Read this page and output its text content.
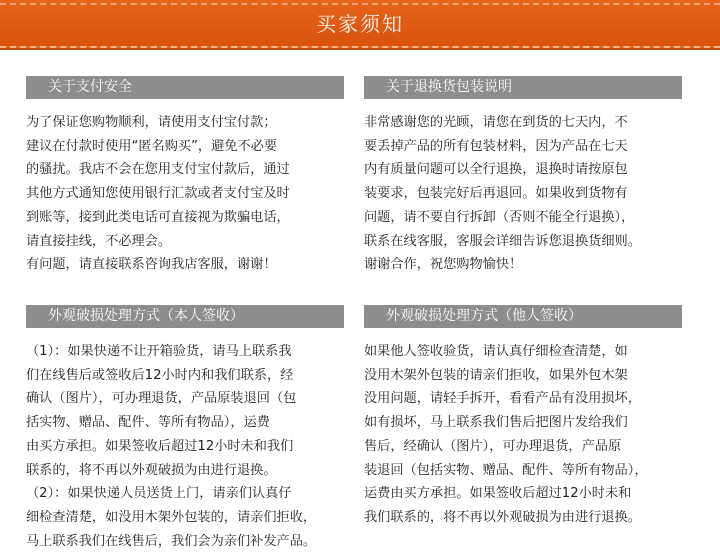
买家须知
关于支付安全
为了保证您购物顺利，请使用支付宝付款；
建议在付款时使用“匿名购买”，避免不必要
的骚扰。我店不会在您用支付宝付款后，通过
其他方式通知您使用银行汇款或者支付宝及时
到账等，接到此类电话可直接视为欺骗电话，
请直接挂线，不必理会。
有问题，请直接联系咨询我店客服，谢谢！
关于退换货包装说明
非常感谢您的光顾，请您在到货的七天内，不
要丢掉产品的所有包装材料，因为产品在七天
内有质量问题可以全行退换，退换时请按原包
装要求，包装完好后再退回。如果收到货物有
问题，请不要自行拆卸（否则不能全行退换），
联系在线客服，客服会详细告诉您退换货细则。
谢谢合作，祝您购物愉快！
外观破损处理方式（本人签收）
（1）：如果快递不让开箱验货，请马上联系我
们在线售后或签收后12小时内和我们联系，经
确认（图片），可办理退货，产品原装退回（包
括实物、赠品、配件、等所有物品），运费
由买方承担。如果签收后超过12小时未和我们
联系的，将不再以外观破损为由进行退换。
（2）：如果快递人员送货上门，请亲们认真仔
细检查清楚，如没用木架外包装的，请亲们拒收，
马上联系我们在线售后，我们会为亲们补发产品。
外观破损处理方式（他人签收）
如果他人签收验货，请认真仔细检查清楚，如
没用木架外包装的请亲们拒收，如果外包木架
没用问题，请轻手拆开，看看产品有没用损坏，
如有损坏，马上联系我们售后把图片发给我们
售后，经确认（图片），可办理退货，产品原
装退回（包括实物、赠品、配件、等所有物品），
运费由买方承担。如果签收后超过12小时未和
我们联系的，将不再以外观破损为由进行退换。
